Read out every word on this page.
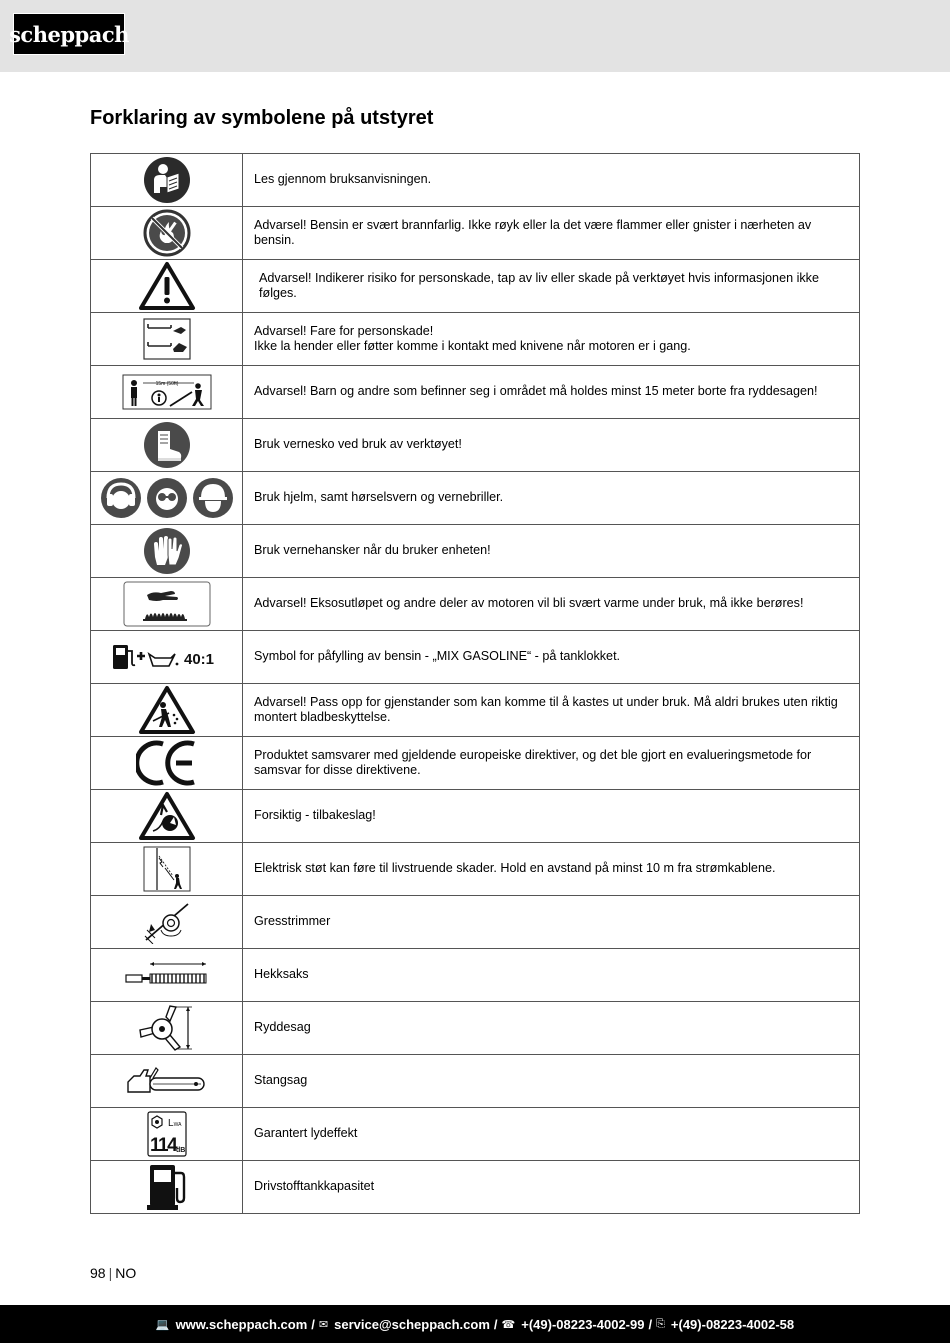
scheppach
Forklaring av symbolene på utstyret
	Les gjennom bruksanvisningen.

	Advarsel! Bensin er svært brannfarlig. Ikke røyk eller la det være flammer eller gnister i nærheten av bensin.

	Advarsel! Indikerer risiko for personskade, tap av liv eller skade på verktøyet hvis informasjonen ikke følges.

	Advarsel! Fare for personskade!
Ikke la hender eller føtter komme i kontakt med knivene når motoren er i gang.

15m (50ft)	Advarsel! Barn og andre som befinner seg i området må holdes minst 15 meter borte fra ryddesagen!

	Bruk vernesko ved bruk av verktøyet!

	Bruk hjelm, samt hørselsvern og vernebriller.

	Bruk vernehansker når du bruker enheten!

	Advarsel! Eksosutløpet og andre deler av motoren vil bli svært varme under bruk, må ikke berøres!

40:1	Symbol for påfylling av bensin - „MIX GASOLINE“ - på tanklokket.

	Advarsel! Pass opp for gjenstander som kan komme til å kastes ut under bruk. Må aldri brukes uten riktig montert bladbeskyttelse.

	Produktet samsvarer med gjeldende europeiske direktiver, og det ble gjort en evalueringsmetode for samsvar for disse direktivene.

	Forsiktig - tilbakeslag!

	Elektrisk støt kan føre til livstruende skader. Hold en avstand på minst 10 m fra strømkablene.

	Gresstrimmer

	Hekksaks

	Ryddesag

	Stangsag

LWA
114 dB	Garantert lydeffekt

	Drivstofftankkapasitet
98 | NO
💻 www.scheppach.com / ✉ service@scheppach.com / ☎ +(49)-08223-4002-99 / ⎘ +(49)-08223-4002-58
